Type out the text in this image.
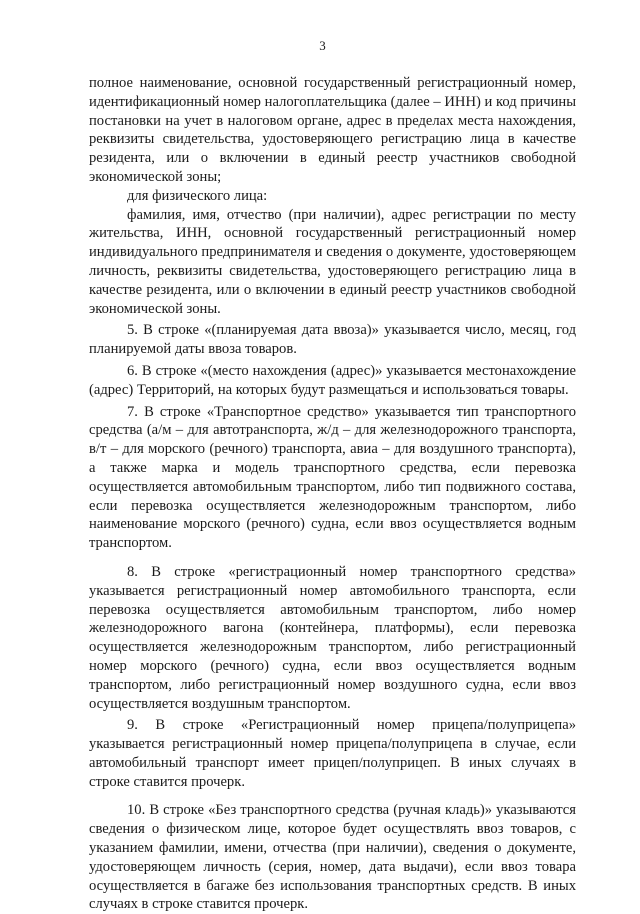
3

полное наименование, основной государственный регистрационный номер, идентификационный номер налогоплательщика (далее – ИНН) и код причины постановки на учет в налоговом органе, адрес в пределах места нахождения, реквизиты свидетельства, удостоверяющего регистрацию лица в качестве резидента, или о включении в единый реестр участников свободной экономической зоны;

для физического лица:

фамилия, имя, отчество (при наличии), адрес регистрации по месту жительства, ИНН, основной государственный регистрационный номер индивидуального предпринимателя и сведения о документе, удостоверяющем личность, реквизиты свидетельства, удостоверяющего регистрацию лица в качестве резидента, или о включении в единый реестр участников свободной экономической зоны.

5. В строке «(планируемая дата ввоза)» указывается число, месяц, год планируемой даты ввоза товаров.

6. В строке «(место нахождения (адрес)» указывается местонахождение (адрес) Территорий, на которых будут размещаться и использоваться товары.

7. В строке «Транспортное средство» указывается тип транспортного средства (а/м – для автотранспорта, ж/д – для железнодорожного транспорта, в/т – для морского (речного) транспорта, авиа – для воздушного транспорта), а также марка и модель транспортного средства, если перевозка осуществляется автомобильным транспортом, либо тип подвижного состава, если перевозка осуществляется железнодорожным транспортом, либо наименование морского (речного) судна, если ввоз осуществляется водным транспортом.

8. В строке «регистрационный номер транспортного средства» указывается регистрационный номер автомобильного транспорта, если перевозка осуществляется автомобильным транспортом, либо номер железнодорожного вагона (контейнера, платформы), если перевозка осуществляется железнодорожным транспортом, либо регистрационный номер морского (речного) судна, если ввоз осуществляется водным транспортом, либо регистрационный номер воздушного судна, если ввоз осуществляется воздушным транспортом.

9. В строке «Регистрационный номер прицепа/полуприцепа» указывается регистрационный номер прицепа/полуприцепа в случае, если автомобильный транспорт имеет прицеп/полуприцеп. В иных случаях в строке ставится прочерк.

10. В строке «Без транспортного средства (ручная кладь)» указываются сведения о физическом лице, которое будет осуществлять ввоз товаров, с указанием фамилии, имени, отчества (при наличии), сведения о документе, удостоверяющем личность (серия, номер, дата выдачи), если ввоз товара осуществляется в багаже без использования транспортных средств. В иных случаях в строке ставится прочерк.
